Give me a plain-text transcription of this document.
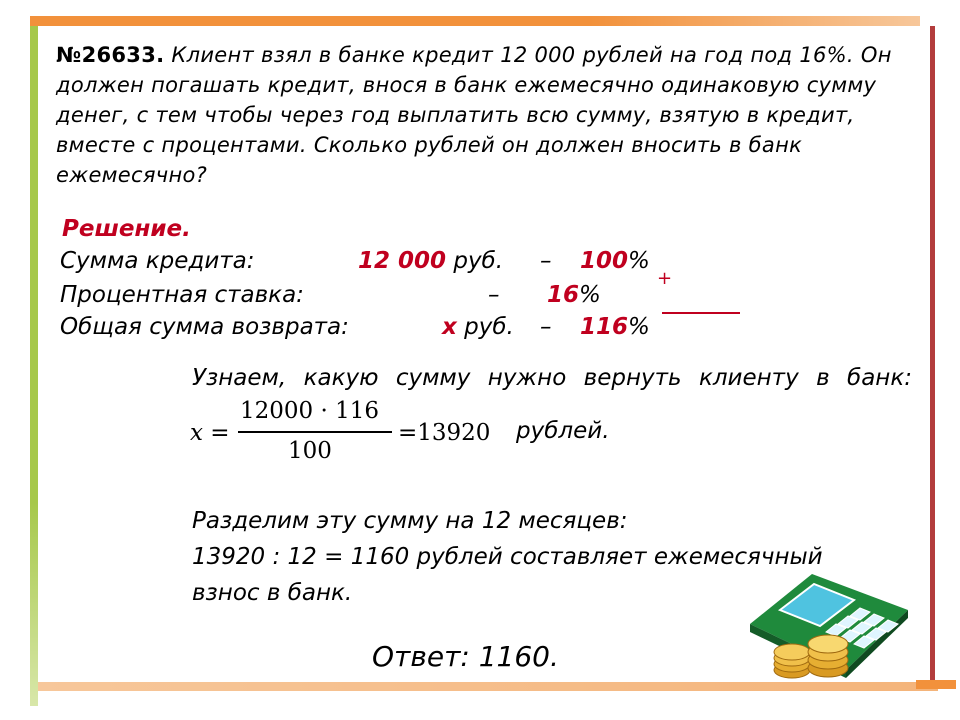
№26633. Клиент взял в банке кредит 12 000 рублей на год под 16%. Он должен погашать кредит, внося в банк ежемесячно одинаковую сумму денег, с тем чтобы через год выплатить всю сумму, взятую в кредит, вместе с процентами. Сколько рублей он должен вносить в банк ежемесячно?
Решение.
Сумма кредита:	12 000 руб. – 100%
Процентная ставка:	– 16%
Общая сумма возврата:	x руб. – 116%
+
Узнаем, какую сумму нужно вернуть клиенту в банк:
x =
12000 · 116
100
=13920 рублей.
Разделим эту сумму на 12 месяцев:
13920 : 12 = 1160 рублей составляет ежемесячный
взнос в банк.
Ответ: 1160.
